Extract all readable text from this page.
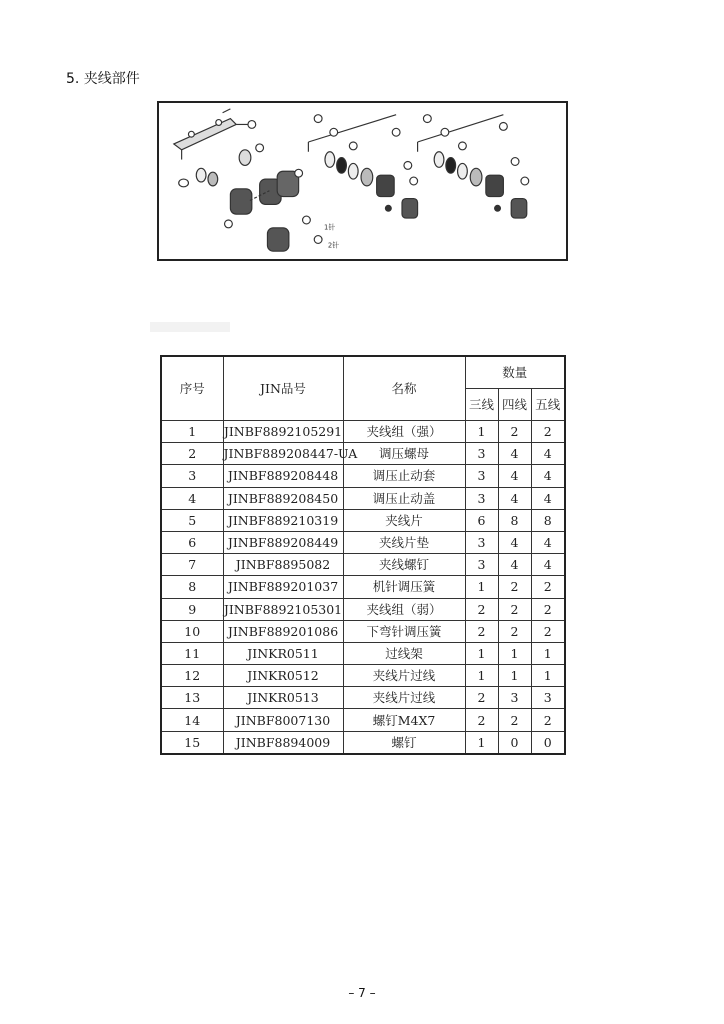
5. 夹线部件
1针
2针
序号	JIN品号	名称	数量		
			三线	四线	五线
1	JINBF8892105291	夹线组（强）	1	2	2
2	JINBF889208447-UA	调压螺母	3	4	4
3	JINBF889208448	调压止动套	3	4	4
4	JINBF889208450	调压止动盖	3	4	4
5	JINBF889210319	夹线片	6	8	8
6	JINBF889208449	夹线片垫	3	4	4
7	JINBF8895082	夹线螺钉	3	4	4
8	JINBF889201037	机针调压簧	1	2	2
9	JINBF8892105301	夹线组（弱）	2	2	2
10	JINBF889201086	下弯针调压簧	2	2	2
11	JINKR0511	过线架	1	1	1
12	JINKR0512	夹线片过线	1	1	1
13	JINKR0513	夹线片过线	2	3	3
14	JINBF8007130	螺钉M4X7	2	2	2
15	JINBF8894009	螺钉	1	0	0
– 7 –
